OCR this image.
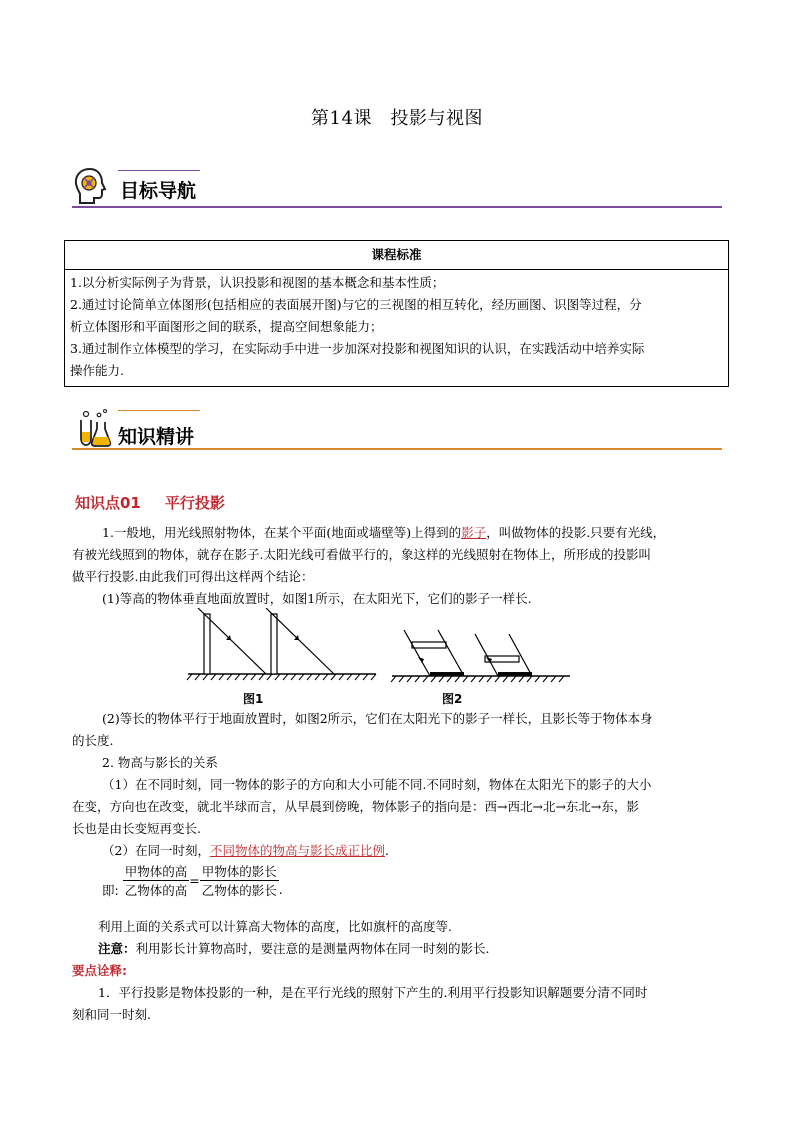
第14课　投影与视图
目标导航
课程标准
1.以分析实际例子为背景，认识投影和视图的基本概念和基本性质；
2.通过讨论简单立体图形(包括相应的表面展开图)与它的三视图的相互转化，经历画图、识图等过程，分
析立体图形和平面图形之间的联系，提高空间想象能力；
3.通过制作立体模型的学习，在实际动手中进一步加深对投影和视图知识的认识，在实践活动中培养实际
操作能力.
知识精讲
知识点01 平行投影
1.一般地，用光线照射物体，在某个平面(地面或墙壁等)上得到的影子，叫做物体的投影.只要有光线，
有被光线照到的物体，就存在影子.太阳光线可看做平行的，象这样的光线照射在物体上，所形成的投影叫
做平行投影.由此我们可得出这样两个结论：
(1)等高的物体垂直地面放置时，如图1所示，在太阳光下，它们的影子一样长.
图1	图2
(2)等长的物体平行于地面放置时，如图2所示，它们在太阳光下的影子一样长，且影长等于物体本身
的长度.
2. 物高与影长的关系
（1）在不同时刻，同一物体的影子的方向和大小可能不同.不同时刻，物体在太阳光下的影子的大小
在变，方向也在改变，就北半球而言，从早晨到傍晚，物体影子的指向是：西→西北→北→东北→东，影
长也是由长变短再变长.
（2）在同一时刻，不同物体的物高与影长成正比例.
即: $\frac{\text{甲物体的高}}{\text{乙物体的高}} = \frac{\text{甲物体的影长}}{\text{乙物体的影长}}$ .
利用上面的关系式可以计算高大物体的高度，比如旗杆的高度等.
注意：利用影长计算物高时，要注意的是测量两物体在同一时刻的影长.
要点诠释:
1．平行投影是物体投影的一种，是在平行光线的照射下产生的.利用平行投影知识解题要分清不同时
刻和同一时刻.
